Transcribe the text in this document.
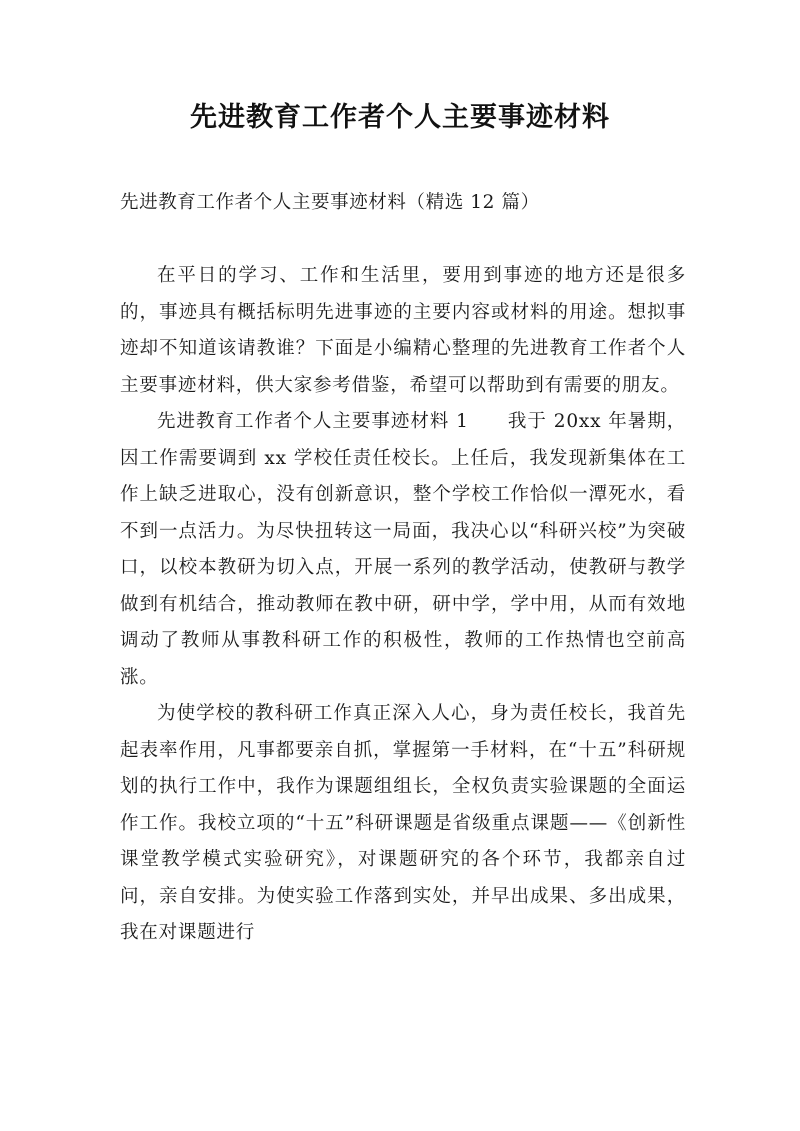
先进教育工作者个人主要事迹材料

先进教育工作者个人主要事迹材料（精选 12 篇）

在平日的学习、工作和生活里，要用到事迹的地方还是很多的，事迹具有概括标明先进事迹的主要内容或材料的用途。想拟事迹却不知道该请教谁？下面是小编精心整理的先进教育工作者个人主要事迹材料，供大家参考借鉴，希望可以帮助到有需要的朋友。

先进教育工作者个人主要事迹材料 1　　我于 20xx 年暑期，因工作需要调到 xx 学校任责任校长。上任后，我发现新集体在工作上缺乏进取心，没有创新意识，整个学校工作恰似一潭死水，看不到一点活力。为尽快扭转这一局面，我决心以“科研兴校”为突破口，以校本教研为切入点，开展一系列的教学活动，使教研与教学做到有机结合，推动教师在教中研，研中学，学中用，从而有效地调动了教师从事教科研工作的积极性，教师的工作热情也空前高涨。

为使学校的教科研工作真正深入人心，身为责任校长，我首先起表率作用，凡事都要亲自抓，掌握第一手材料，在“十五”科研规划的执行工作中，我作为课题组组长，全权负责实验课题的全面运作工作。我校立项的“十五”科研课题是省级重点课题——《创新性课堂教学模式实验研究》，对课题研究的各个环节，我都亲自过问，亲自安排。为使实验工作落到实处，并早出成果、多出成果，我在对课题进行
